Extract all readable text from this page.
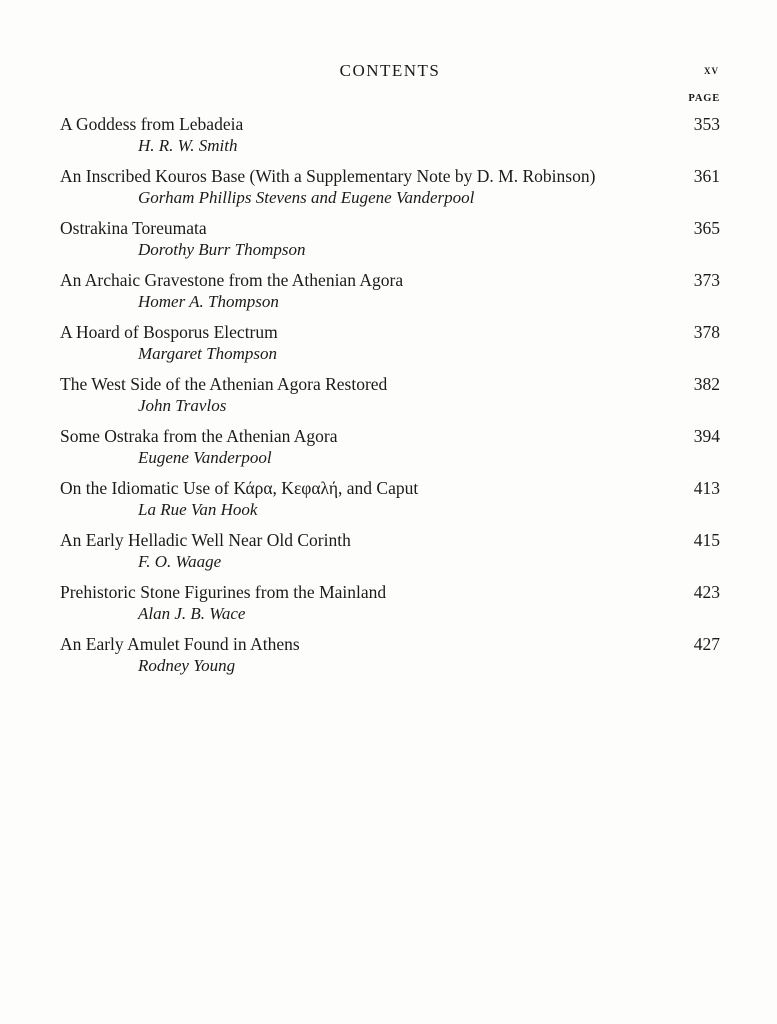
CONTENTS	xv
PAGE
A Goddess from Lebadeia	353
H. R. W. Smith
An Inscribed Kouros Base (With a Supplementary Note by D. M. Robinson)	361
Gorham Phillips Stevens and Eugene Vanderpool
Ostrakina Toreumata	365
Dorothy Burr Thompson
An Archaic Gravestone from the Athenian Agora	373
Homer A. Thompson
A Hoard of Bosporus Electrum	378
Margaret Thompson
The West Side of the Athenian Agora Restored	382
John Travlos
Some Ostraka from the Athenian Agora	394
Eugene Vanderpool
On the Idiomatic Use of Κάρα, Κεφαλή, and Caput	413
La Rue Van Hook
An Early Helladic Well Near Old Corinth	415
F. O. Waage
Prehistoric Stone Figurines from the Mainland	423
Alan J. B. Wace
An Early Amulet Found in Athens	427
Rodney Young
